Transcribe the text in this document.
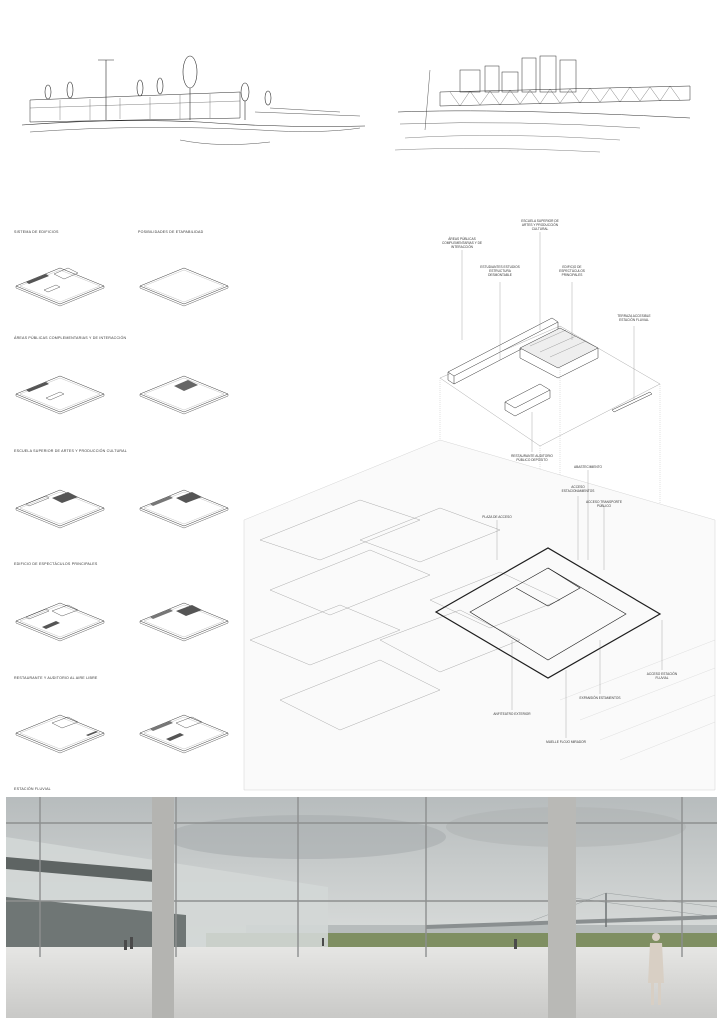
SISTEMA DE EDIFICIOS	POSIBILIDADES DE ETAPABILIDAD
ÁREAS PÚBLICAS COMPLEMENTARIAS Y DE INTERACCIÓN
ESCUELA SUPERIOR DE ARTES Y PRODUCCIÓN CULTURAL
EDIFICIO DE ESPECTÁCULOS PRINCIPALES
RESTAURANTE Y AUDITORIO AL AIRE LIBRE
ESTACIÓN FLUVIAL
ESCUELA SUPERIOR DE ARTES Y PRODUCCIÓN CULTURAL
ÁREAS PÚBLICAS COMPLEMENTARIAS Y DE INTERACCIÓN
ESTUDIANTES ESTUDIOS ESTRUCTURA DESMONTABLE
EDIFICIO DE ESPECTÁCULOS PRINCIPALES
TERRAZA ACCESIBLE ESTACIÓN FLUVIAL
RESTAURANTE AUDITORIO PÚBLICO DEPÓSITO
ABASTECIMIENTO
ACCESO ESTACIONAMIENTOS
ACCESO TRANSPORTE PÚBLICO
PLAZA DE ACCESO
ACCESO ESTACIÓN FLUVIAL
EXPANSIÓN ESTAMENTOS
ANFITEATRO EXTERIOR
MUELLE FLOJO MIRADOR
